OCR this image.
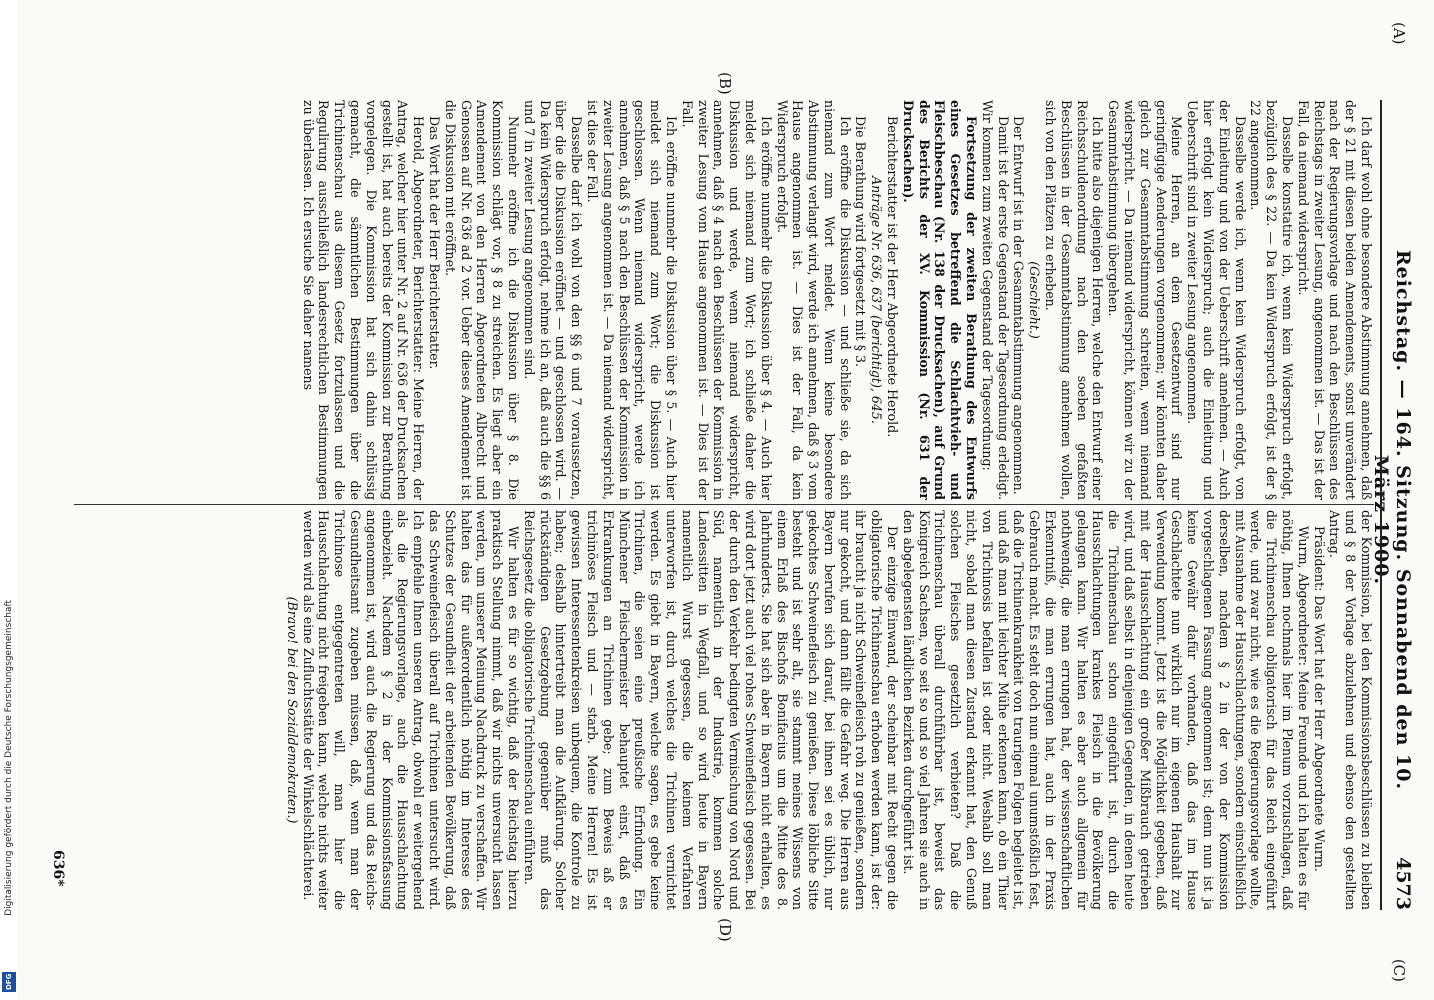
(A)
Reichstag. — 164. Sitzung. Sonnabend den 10. März 1900.
4573
(C)
(B)
(D)

Ich darf wohl ohne besondere Abstimmung annehmen, daß der § 21 mit diesen beiden Amendements, sonst unverändert nach der Regierungsvorlage und nach den Beschlüssen des Reichstags in zweiter Lesung, angenommen ist. — Das ist der Fall, da niemand widerspricht.

Dasselbe konstatire ich, wenn kein Widerspruch erfolgt, bezüglich des § 22. — Da kein Widerspruch erfolgt, ist der § 22 angenommen.

Dasselbe werde ich, wenn kein Widerspruch erfolgt, von der Einleitung und von der Ueberschrift annehmen. — Auch hier erfolgt kein Widerspruch; auch die Einleitung und Ueberschrift sind in zweiter Lesung angenommen.

Meine Herren, an dem Gesetzentwurf sind nur geringfügige Aenderungen vorgenommen; wir könnten daher gleich zur Gesammtabstimmung schreiten, wenn niemand widerspricht. — Da niemand widerspricht, können wir zu der Gesammtabstimmung übergehen.

Ich bitte also diejenigen Herren, welche den Entwurf einer Reichsschuldenordnung nach den soeben gefaßten Beschlüssen in der Gesammtabstimmung annehmen wollen, sich von den Plätzen zu erheben.

(Geschieht.)

Der Entwurf ist in der Gesammtabstimmung angenommen.

Damit ist der erste Gegenstand der Tagesordnung erledigt. Wir kommen zum zweiten Gegenstand der Tagesordnung:

Fortsetzung der zweiten Berathung des Entwurfs eines Gesetzes betreffend die Schlachtvieh- und Fleischbeschau (Nr. 138 der Drucksachen), auf Grund des Berichts der XV. Kommission (Nr. 631 der Drucksachen).

Berichterstatter ist der Herr Abgeordnete Herold.

Anträge Nr. 636, 637 (berichtigt), 645.

Die Berathung wird fortgesetzt mit § 3.

Ich eröffne die Diskussion — und schließe sie, da sich niemand zum Wort meldet. Wenn keine besondere Abstimmung verlangt wird, werde ich annehmen, daß § 3 vom Hause angenommen ist. — Dies ist der Fall, da kein Widerspruch erfolgt.

Ich eröffne nunmehr die Diskussion über § 4. — Auch hier meldet sich niemand zum Wort; ich schließe daher die Diskussion und werde, wenn niemand widerspricht, annehmen, daß § 4 nach den Beschlüssen der Kommission in zweiter Lesung vom Hause angenommen ist. — Dies ist der Fall.

Ich eröffne nunmehr die Diskussion über § 5. — Auch hier meldet sich niemand zum Wort; die Diskussion ist geschlossen. Wenn niemand widerspricht, werde ich annehmen, daß § 5 nach den Beschlüssen der Kommission in zweiter Lesung angenommen ist. — Da niemand widerspricht, ist dies der Fall.

Dasselbe darf ich wohl von den §§ 6 und 7 voraussetzen, über die die Diskussion eröffnet — und geschlossen wird. — Da kein Widerspruch erfolgt, nehme ich an, daß auch die §§ 6 und 7 in zweiter Lesung angenommen sind.

Nunmehr eröffne ich die Diskussion über § 8. Die Kommission schlägt vor, § 8 zu streichen. Es liegt aber ein Amendement von den Herren Abgeordneten Albrecht und Genossen auf Nr. 636 ad 2 vor. Ueber dieses Amendement ist die Diskussion mit eröffnet.

Das Wort hat der Herr Berichterstatter.

Herold, Abgeordneter, Berichterstatter: Meine Herren, der Antrag, welcher hier unter Nr. 2 auf Nr. 636 der Drucksachen gestellt ist, hat auch bereits der Kommission zur Berathung vorgelegen. Die Kommission hat sich dahin schlüssig gemacht, die sämmtlichen Bestimmungen über die Trichinenschau aus diesem Gesetz fortzulassen und die Regulirung ausschließlich landesrechtlichen Bestimmungen zu überlassen. Ich ersuche Sie daher namens

der Kommission, bei den Kommissionsbeschlüssen zu bleiben und § 8 der Vorlage abzulehnen und ebenso den gestellten Antrag.

Präsident: Das Wort hat der Herr Abgeordnete Wurm.

Wurm, Abgeordneter: Meine Freunde und ich halten es für nöthig, Ihnen nochmals hier im Plenum vorzuschlagen, daß die Trichinenschau obligatorisch für das Reich eingeführt werde, und zwar nicht, wie es die Regierungsvorlage wollte, mit Ausnahme der Hausschlachtungen, sondern einschließlich derselben, nachdem § 2 in der von der Kommission vorgeschlagenen Fassung angenommen ist; denn nun ist ja keine Gewähr dafür vorhanden, daß das im Hause Geschlachtete nun wirklich nur im eigenen Haushalt zur Verwendung kommt. Jetzt ist die Möglichkeit gegeben, daß mit der Hausschlachtung ein großer Mißbrauch getrieben wird, und daß selbst in denjenigen Gegenden, in denen heute die Trichinenschau schon eingeführt ist, durch die Hausschlachtungen krankes Fleisch in die Bevölkerung gelangen kann. Wir halten es aber auch allgemein für nothwendig, die man errungen hat, der wissenschaftlichen Erkenntniß, die man errungen hat, auch in der Praxis Gebrauch macht. Es steht doch nun einmal unumstößlich fest, daß die Trichinenkrankheit von traurigen Folgen begleitet ist, und daß man mit leichter Mühe erkennen kann, ob ein Thier von Trichinosis befallen ist oder nicht. Weshalb soll man nicht, sobald man diesen Zustand erkannt hat, den Genuß solchen Fleisches gesetzlich verbieten? Daß die Trichinenschau überall durchführbar ist, beweist das Königreich Sachsen, wo seit so und so viel Jahren sie auch in den abgelegensten ländlichen Bezirken durchgeführt ist.

Der einzige Einwand, der scheinbar mit Recht gegen die obligatorische Trichinenschau erhoben werden kann, ist der: ihr braucht ja nicht Schweinefleisch roh zu genießen, sondern nur gekocht, und dann fällt die Gefahr weg. Die Herren aus Bayern berufen sich darauf, bei ihnen sei es üblich, nur gekochtes Schweinefleisch zu genießen. Diese löbliche Sitte besteht und ist sehr alt, sie stammt meines Wissens von einem Erlaß des Bischofs Bonifacius um die Mitte des 8. Jahrhunderts. Sie hat sich aber in Bayern nicht erhalten, es wird dort jetzt auch viel rohes Schweinefleisch gegessen. Bei der durch den Verkehr bedingten Vermischung von Nord und Süd, namentlich in der Industrie, kommen solche Landessitten in Wegfall, und so wird heute in Bayern namentlich Wurst gegessen, die keinem Verfahren unterworfen ist, durch welches die Trichinen vernichtet werden. Es giebt in Bayern, welche sagen, es gebe keine Trichinen, die seien eine preußische Erfindung. Ein Münchener Fleischermeister behauptet einst, daß es Erkrankungen an Trichinen gebe; zum Beweis aß er trichinöses Fleisch und — starb. Meine Herren! Es ist gewissen Interessentenkreisen unbequem, die Kontrole zu haben; deshalb hintertreibt man die Aufklärung. Solcher rückständigen Gesetzgebung gegenüber muß das Reichsgesetz die obligatorische Trichinenschau einführen.

Wir halten es für so wichtig, daß der Reichstag hierzu praktisch Stellung nimmt, daß wir nichts unversucht lassen werden, um unserer Meinung Nachdruck zu verschaffen. Wir halten das für außerordentlich nöthig im Interesse des Schutzes der Gesundheit der arbeitenden Bevölkerung, daß das Schweinefleisch überall auf Trichinen untersucht wird. Ich empfehle Ihnen unseren Antrag, obwohl er weitergehend als die Regierungsvorlage, auch die Hausschlachtung einbezieht. Nachdem § 2 in der Kommissionsfassung angenommen ist, wird auch die Regierung und das Reichs-Gesundheitsamt zugeben müssen, daß, wenn man der Trichinose entgegentreten will, man hier die Hausschlachtung nicht freigeben kann, welche nichts weiter werden wird als eine Zufluchtsstätte der Winkelschlächterei.

(Bravo! bei den Sozialdemokraten.)

636*
Digitalisierung gefördert durch die Deutsche Forschungsgemeinschaft
DFG
